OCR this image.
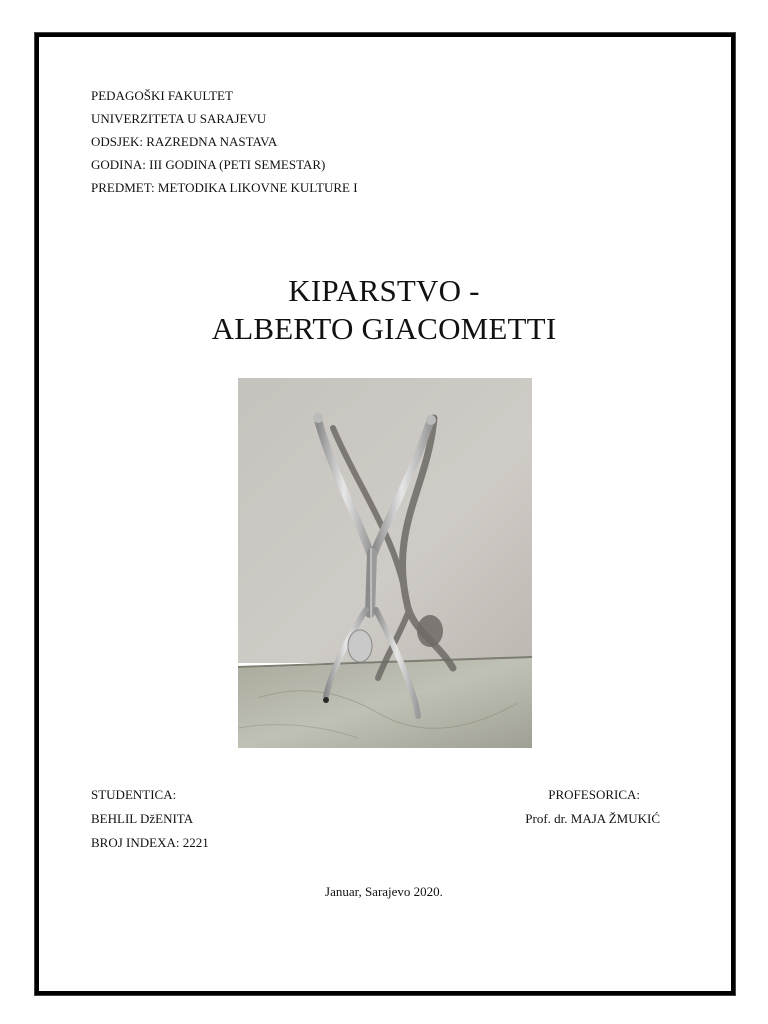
PEDAGOŠKI FAKULTET
UNIVERZITETA U SARAJEVU
ODSJEK: RAZREDNA NASTAVA
GODINA: III GODINA (PETI SEMESTAR)
PREDMET: METODIKA LIKOVNE KULTURE I
KIPARSTVO -
ALBERTO GIACOMETTI
STUDENTICA:
BEHLIL DžENITA
BROJ INDEXA: 2221
PROFESORICA:
Prof. dr. MAJA ŽMUKIĆ
Januar, Sarajevo 2020.
